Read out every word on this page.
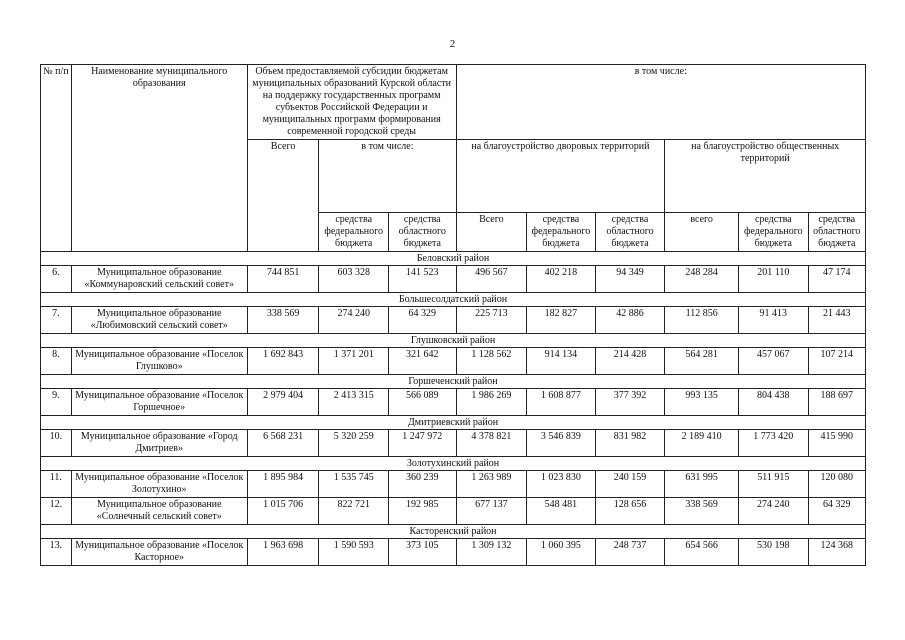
2
№ п/п	Наименование муниципального образования	Объем предоставляемой субсидии бюджетам муниципальных образований Курской области на поддержку государственных программ субъектов Российской Федерации и муниципальных программ формирования современной городской среды			в том числе:					
		Всего	в том числе:		на благоустройство дворовых территорий			на благоустройство общественных территорий		
			средства федерального бюджета	средства областного бюджета	Всего	средства федерального бюджета	средства областного бюджета	всего	средства федерального бюджета	средства областного бюджета
Беловский район										
6.	Муниципальное образование «Коммунаровский сельский совет»	744 851	603 328	141 523	496 567	402 218	94 349	248 284	201 110	47 174
Большесолдатский район										
7.	Муниципальное образование «Любимовский сельский совет»	338 569	274 240	64 329	225 713	182 827	42 886	112 856	91 413	21 443
Глушковский район										
8.	Муниципальное образование «Поселок Глушково»	1 692 843	1 371 201	321 642	1 128 562	914 134	214 428	564 281	457 067	107 214
Горшеченский район										
9.	Муниципальное образование «Поселок Горшечное»	2 979 404	2 413 315	566 089	1 986 269	1 608 877	377 392	993 135	804 438	188 697
Дмитриевский район										
10.	Муниципальное образование «Город Дмитриев»	6 568 231	5 320 259	1 247 972	4 378 821	3 546 839	831 982	2 189 410	1 773 420	415 990
Золотухинский район										
11.	Муниципальное образование «Поселок Золотухино»	1 895 984	1 535 745	360 239	1 263 989	1 023 830	240 159	631 995	511 915	120 080
12.	Муниципальное образование «Солнечный сельский совет»	1 015 706	822 721	192 985	677 137	548 481	128 656	338 569	274 240	64 329
Касторенский район										
13.	Муниципальное образование «Поселок Касторное»	1 963 698	1 590 593	373 105	1 309 132	1 060 395	248 737	654 566	530 198	124 368
